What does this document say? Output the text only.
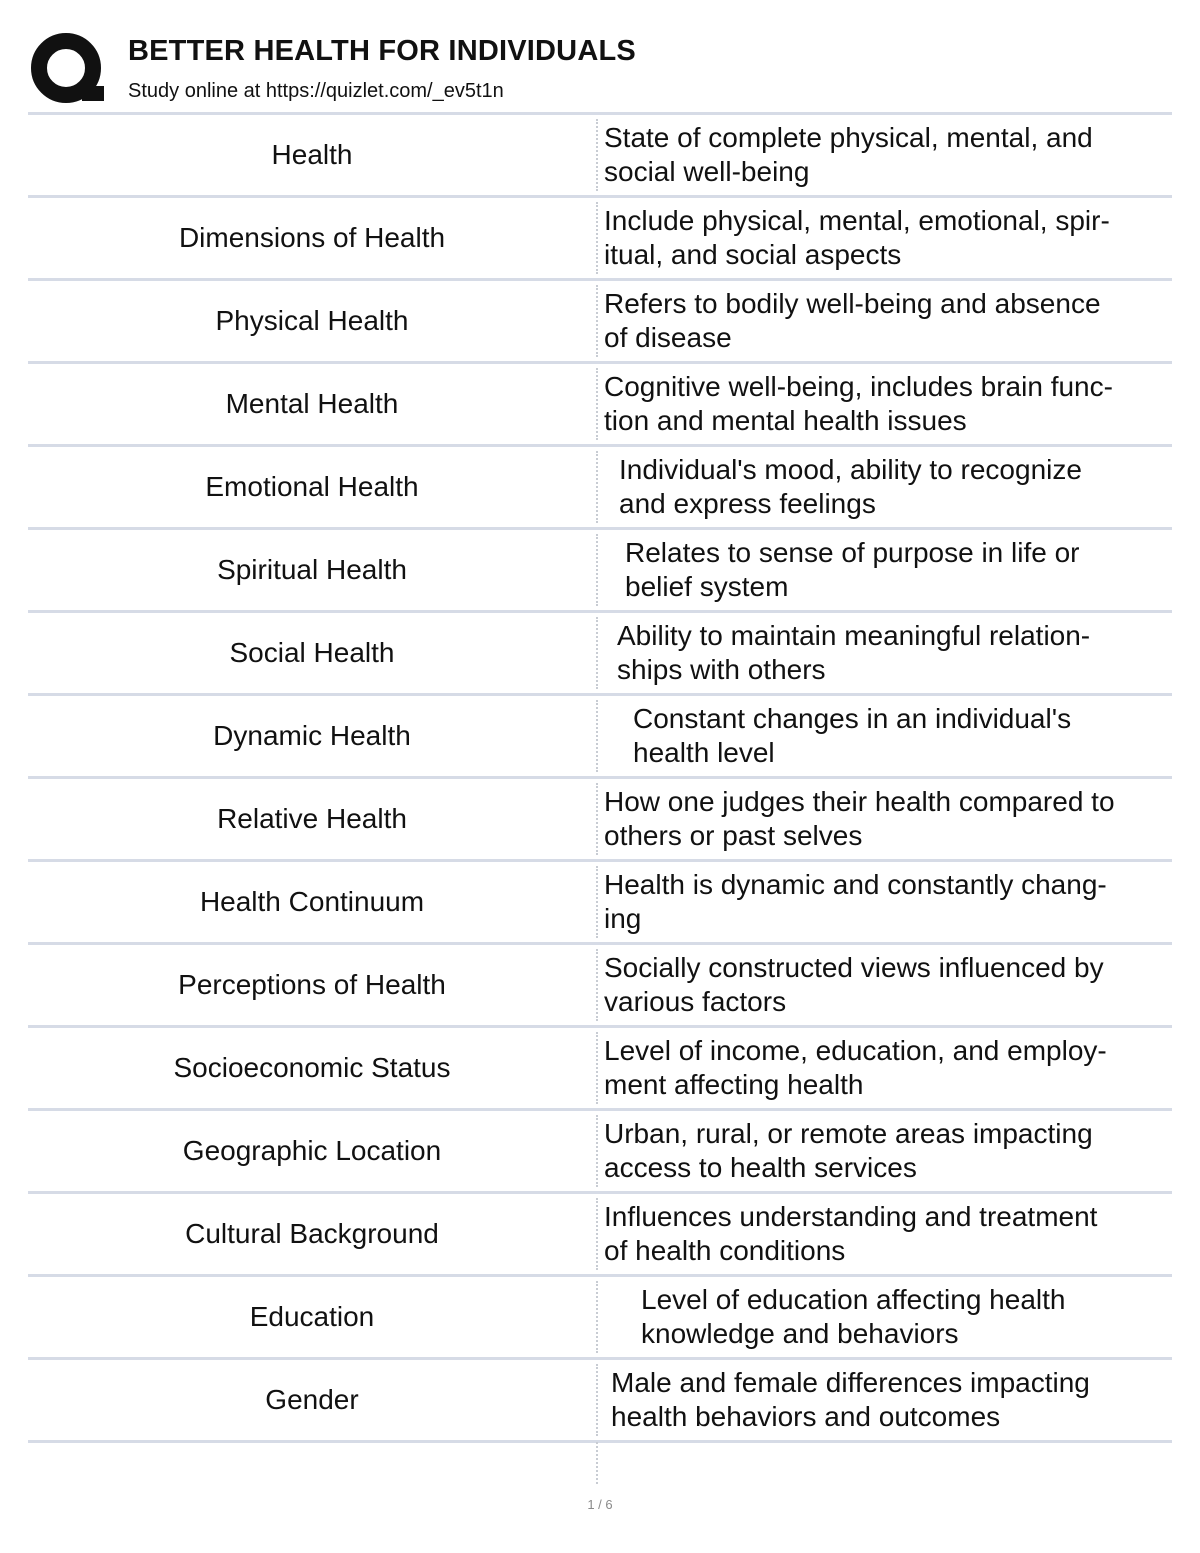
BETTER HEALTH FOR INDIVIDUALS
Study online at https://quizlet.com/_ev5t1n
Health
State of complete physical, mental, and
social well-being
Dimensions of Health
Include physical, mental, emotional, spir-
itual, and social aspects
Physical Health
Refers to bodily well-being and absence
of disease
Mental Health
Cognitive well-being, includes brain func-
tion and mental health issues
Emotional Health
Individual's mood, ability to recognize
and express feelings
Spiritual Health
Relates to sense of purpose in life or
belief system
Social Health
Ability to maintain meaningful relation-
ships with others
Dynamic Health
Constant changes in an individual's
health level
Relative Health
How one judges their health compared to
others or past selves
Health Continuum
Health is dynamic and constantly chang-
ing
Perceptions of Health
Socially constructed views influenced by
various factors
Socioeconomic Status
Level of income, education, and employ-
ment affecting health
Geographic Location
Urban, rural, or remote areas impacting
access to health services
Cultural Background
Influences understanding and treatment
of health conditions
Education
Level of education affecting health
knowledge and behaviors
Gender
Male and female differences impacting
health behaviors and outcomes
1 / 6
